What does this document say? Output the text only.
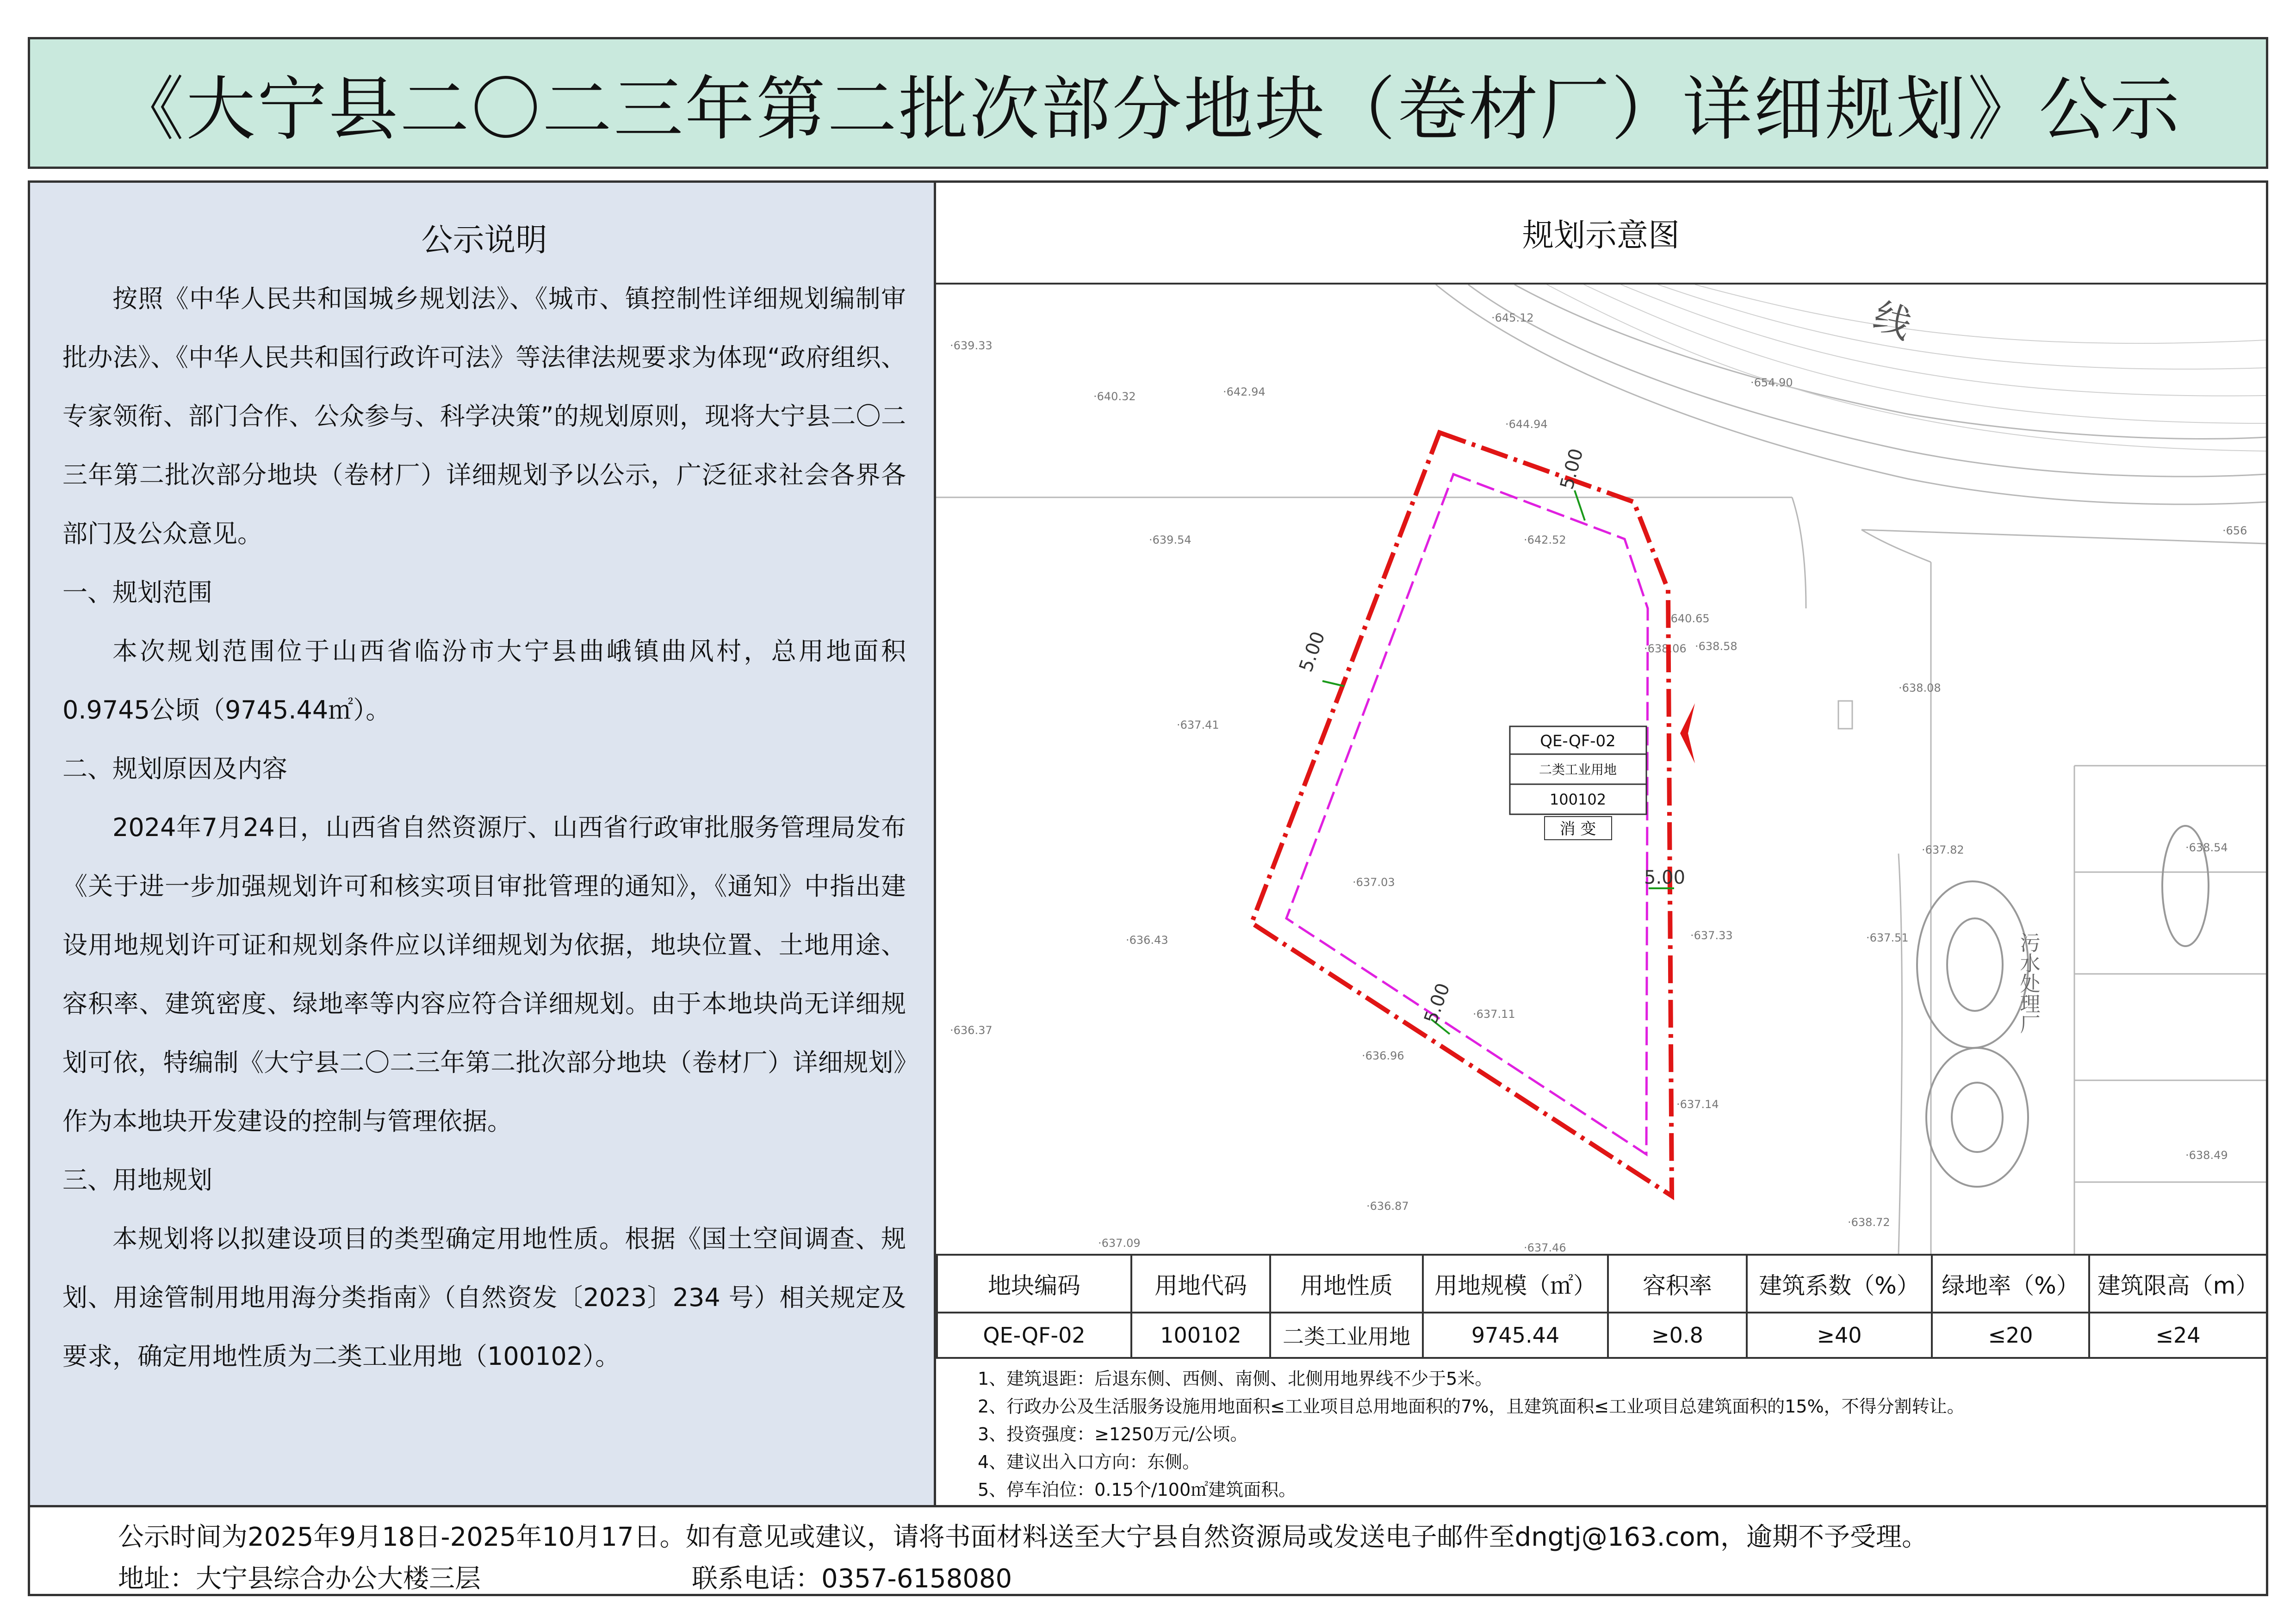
《大宁县二〇二三年第二批次部分地块（卷材厂）详细规划》公示
公示说明

按照《中华人民共和国城乡规划法》、《城市、镇控制性详细规划编制审批办法》、《中华人民共和国行政许可法》等法律法规要求为体现“政府组织、专家领衔、部门合作、公众参与、科学决策”的规划原则，现将大宁县二〇二三年第二批次部分地块（卷材厂）详细规划予以公示，广泛征求社会各界各部门及公众意见。

一、规划范围

本次规划范围位于山西省临汾市大宁县曲峨镇曲风村，总用地面积0.9745公顷（9745.44㎡）。

二、规划原因及内容

2024年7月24日，山西省自然资源厅、山西省行政审批服务管理局发布《关于进一步加强规划许可和核实项目审批管理的通知》，《通知》中指出建设用地规划许可证和规划条件应以详细规划为依据，地块位置、土地用途、容积率、建筑密度、绿地率等内容应符合详细规划。由于本地块尚无详细规划可依，特编制《大宁县二〇二三年第二批次部分地块（卷材厂）详细规划》作为本地块开发建设的控制与管理依据。

三、用地规划

本规划将以拟建设项目的类型确定用地性质。根据《国土空间调查、规划、用途管制用地用海分类指南》（自然资发〔2023〕234 号）相关规定及要求，确定用地性质为二类工业用地（100102）。

规划示意图
·639.33
·640.32	·642.94
·645.12
·644.94
·654.90
·639.54	·642.52
·656
·640.65
·638.58
·638.06
·637.41
·638.08
·637.03
·637.82	·638.54
·636.43	·637.33	·637.51
·636.37
·637.11
·636.96
·637.14
·638.49
·636.87
·638.72
·637.09	·637.46
5.00
5.00
5.00
5.00
QE-QF-02
二类工业用地
100102
消 变
污水处理厂
线
地块编码	用地代码	用地性质	用地规模（㎡）	容积率	建筑系数（%）	绿地率（%）	建筑限高（m）
QE-QF-02	100102	二类工业用地	9745.44	≥0.8	≥40	≤20	≤24
1、建筑退距：后退东侧、西侧、南侧、北侧用地界线不少于5米。
2、行政办公及生活服务设施用地面积≤工业项目总用地面积的7%，且建筑面积≤工业项目总建筑面积的15%，不得分割转让。
3、投资强度：≥1250万元/公顷。
4、建议出入口方向：东侧。
5、停车泊位：0.15个/100㎡建筑面积。
公示时间为2025年9月18日-2025年10月17日。如有意见或建议，请将书面材料送至大宁县自然资源局或发送电子邮件至dngtj@163.com，逾期不予受理。
地址：大宁县综合办公大楼三层	联系电话：0357-6158080
